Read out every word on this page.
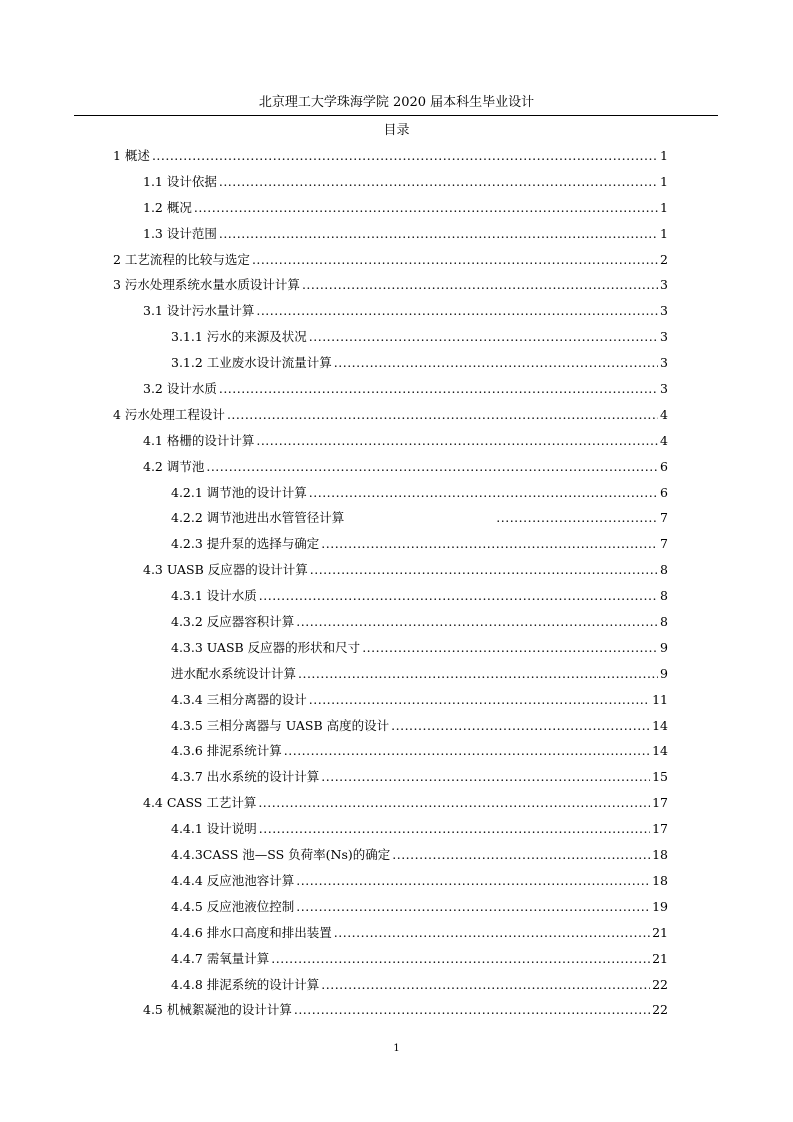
北京理工大学珠海学院 2020 届本科生毕业设计
目录
1 概述 .....	1
1.1 设计依据 .....	1
1.2 概况 .....	1
1.3 设计范围 .....	1
2 工艺流程的比较与选定 .....	2
3 污水处理系统水量水质设计计算 .....	3
3.1 设计污水量计算 .....	3
3.1.1 污水的来源及状况 .....	3
3.1.2 工业废水设计流量计算 .....	3
3.2 设计水质 .....	3
4 污水处理工程设计 .....	4
4.1 格栅的设计计算 .....	4
4.2 调节池 .....	6
4.2.1 调节池的设计计算 .....	6
4.2.2 调节池进出水管管径计算 .....	7
4.2.3 提升泵的选择与确定 .....	7
4.3 UASB 反应器的设计计算 .....	8
4.3.1 设计水质 .....	8
4.3.2 反应器容积计算 .....	8
4.3.3 UASB 反应器的形状和尺寸 .....	9
进水配水系统设计计算 .....	9
4.3.4 三相分离器的设计 .....	11
4.3.5 三相分离器与 UASB 高度的设计 .....	14
4.3.6 排泥系统计算 .....	14
4.3.7 出水系统的设计计算 .....	15
4.4 CASS 工艺计算 .....	17
4.4.1 设计说明 .....	17
4.4.3CASS 池—SS 负荷率(Ns)的确定 .....	18
4.4.4 反应池池容计算 .....	18
4.4.5 反应池液位控制 .....	19
4.4.6 排水口高度和排出装置 .....	21
4.4.7 需氧量计算 .....	21
4.4.8 排泥系统的设计计算 .....	22
4.5 机械絮凝池的设计计算 .....	22
1
